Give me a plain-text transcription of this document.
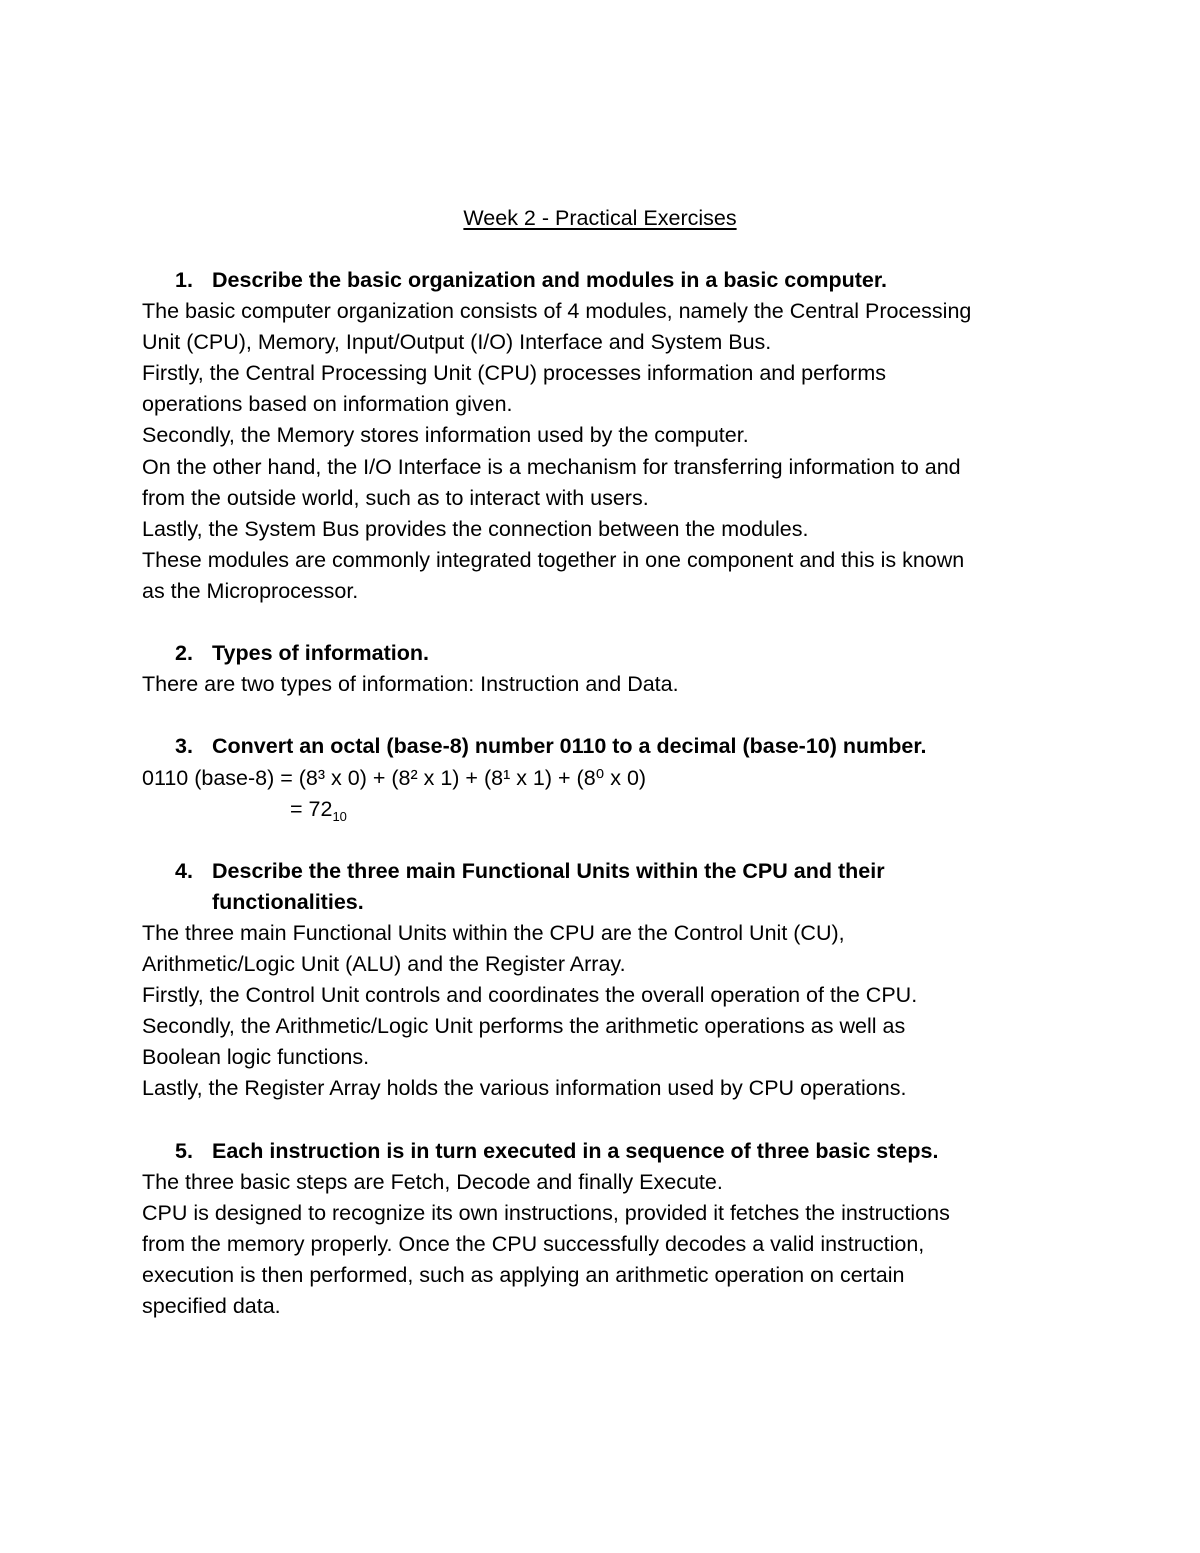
Week 2 - Practical Exercises
1. Describe the basic organization and modules in a basic computer.
The basic computer organization consists of 4 modules, namely the Central Processing
Unit (CPU), Memory, Input/Output (I/O) Interface and System Bus.
Firstly, the Central Processing Unit (CPU) processes information and performs
operations based on information given.
Secondly, the Memory stores information used by the computer.
On the other hand, the I/O Interface is a mechanism for transferring information to and
from the outside world, such as to interact with users.
Lastly, the System Bus provides the connection between the modules.
These modules are commonly integrated together in one component and this is known
as the Microprocessor.
2. Types of information.
There are two types of information: Instruction and Data.
3. Convert an octal (base-8) number 0110 to a decimal (base-10) number.
0110 (base-8) = (8³ x 0) + (8² x 1) + (8¹ x 1) + (8⁰ x 0)
= $72_{10}$
4. Describe the three main Functional Units within the CPU and their
functionalities.
The three main Functional Units within the CPU are the Control Unit (CU),
Arithmetic/Logic Unit (ALU) and the Register Array.
Firstly, the Control Unit controls and coordinates the overall operation of the CPU.
Secondly, the Arithmetic/Logic Unit performs the arithmetic operations as well as
Boolean logic functions.
Lastly, the Register Array holds the various information used by CPU operations.
5. Each instruction is in turn executed in a sequence of three basic steps.
The three basic steps are Fetch, Decode and finally Execute.
CPU is designed to recognize its own instructions, provided it fetches the instructions
from the memory properly. Once the CPU successfully decodes a valid instruction,
execution is then performed, such as applying an arithmetic operation on certain
specified data.
